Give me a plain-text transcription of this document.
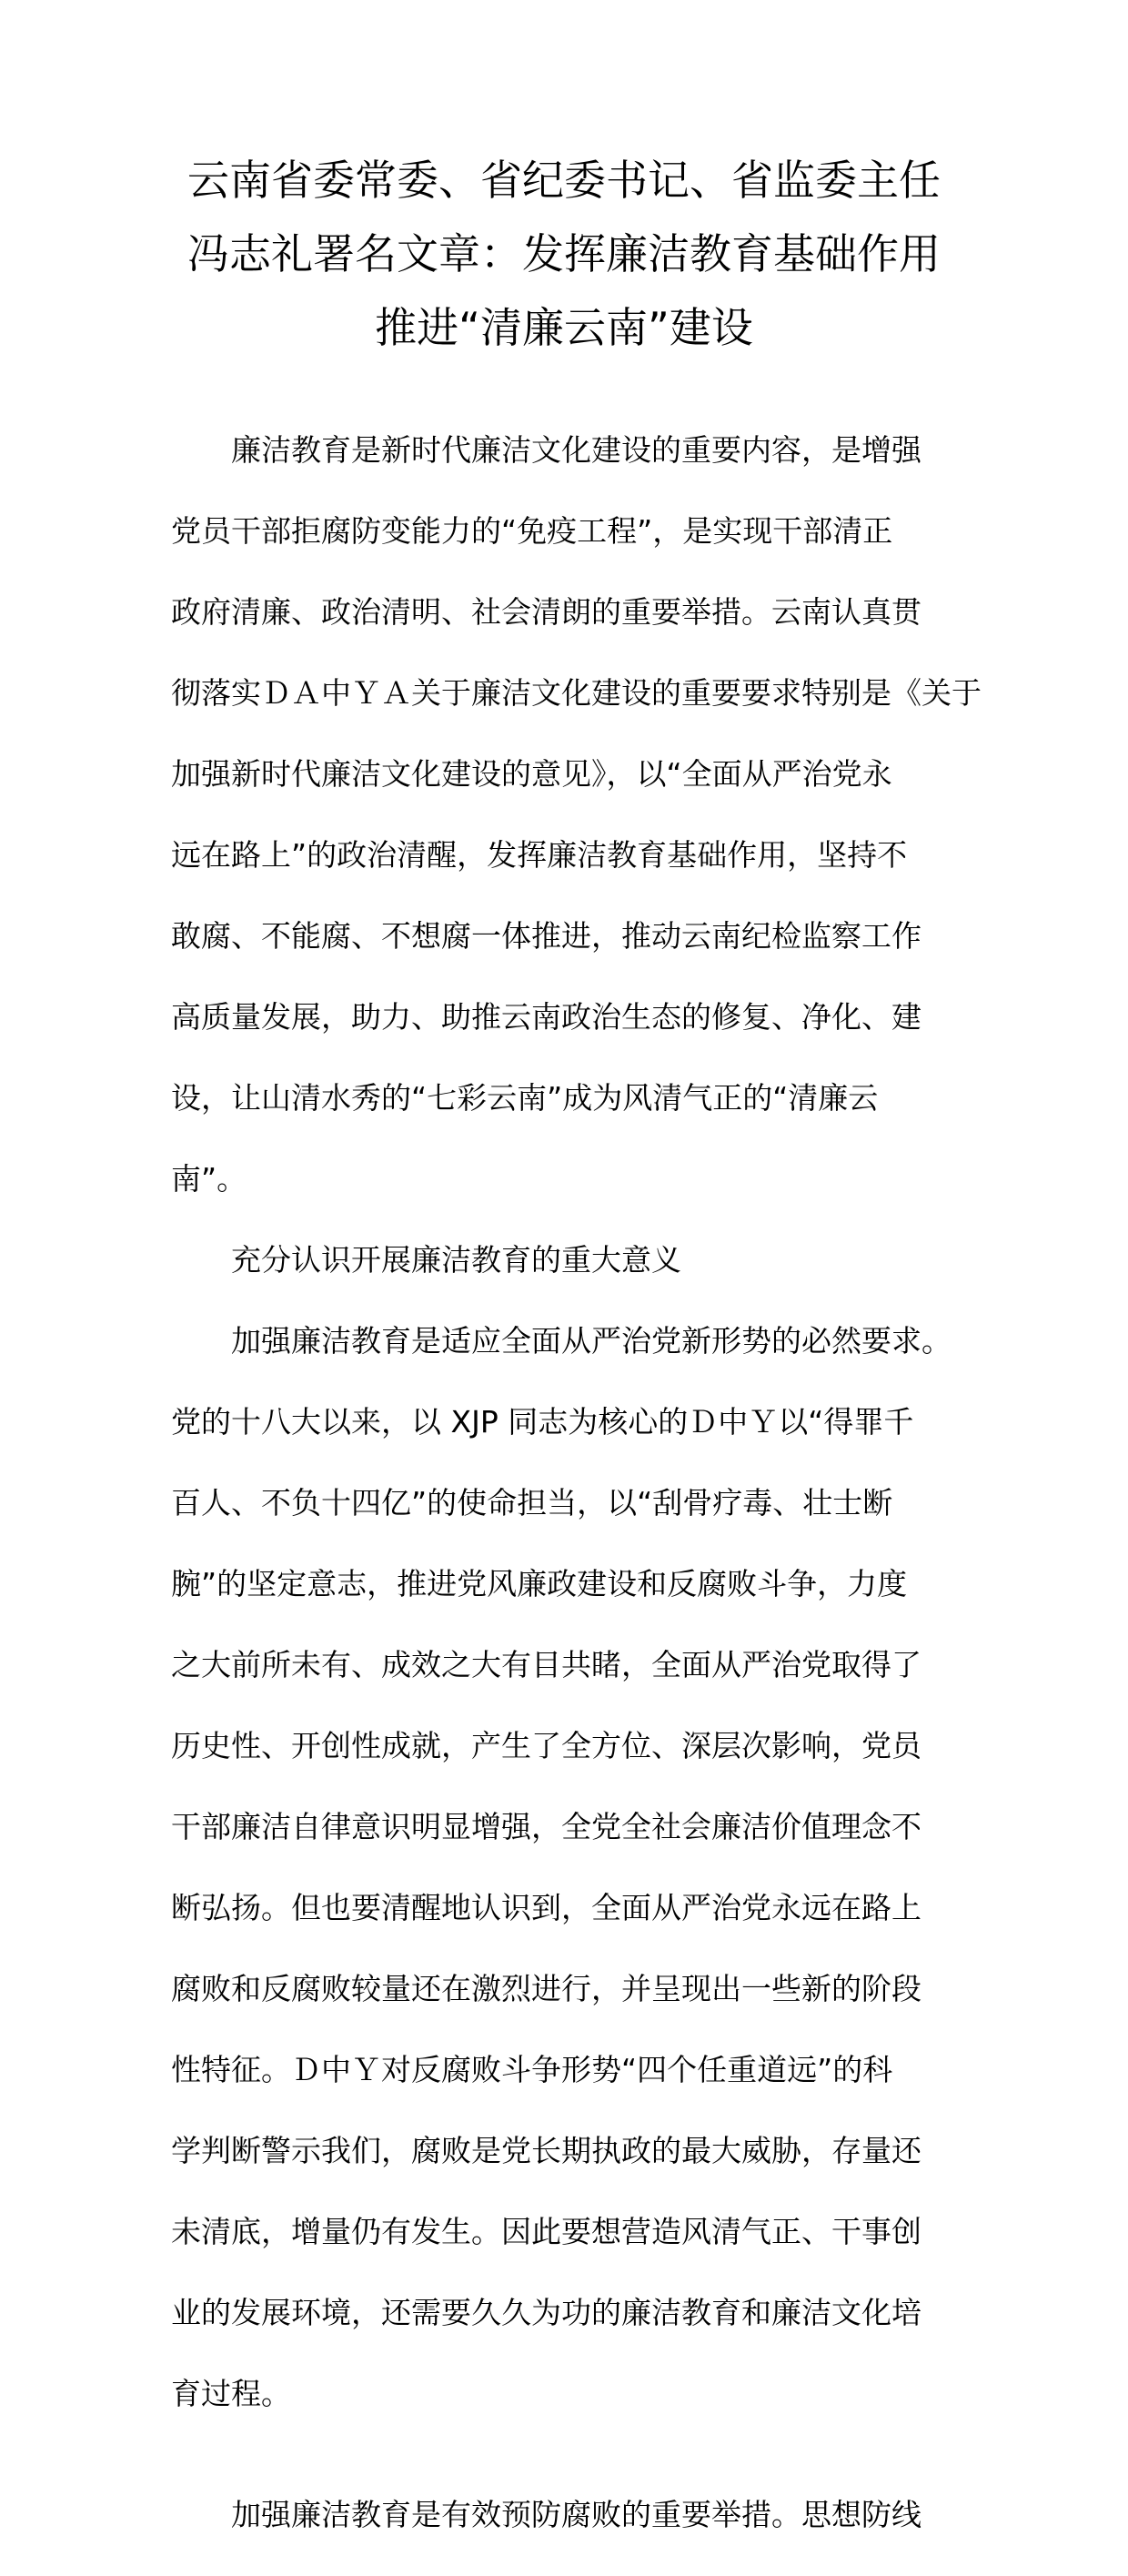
云南省委常委、省纪委书记、省监委主任
冯志礼署名文章：发挥廉洁教育基础作用
推进“清廉云南”建设

廉洁教育是新时代廉洁文化建设的重要内容，是增强

党员干部拒腐防变能力的“免疫工程”，是实现干部清正

政府清廉、政治清明、社会清朗的重要举措。云南认真贯

彻落实ＤＡ中ＹＡ关于廉洁文化建设的重要要求特别是《关于

加强新时代廉洁文化建设的意见》，以“全面从严治党永

远在路上”的政治清醒，发挥廉洁教育基础作用，坚持不

敢腐、不能腐、不想腐一体推进，推动云南纪检监察工作

高质量发展，助力、助推云南政治生态的修复、净化、建

设，让山清水秀的“七彩云南”成为风清气正的“清廉云

南”。

充分认识开展廉洁教育的重大意义

加强廉洁教育是适应全面从严治党新形势的必然要求。

党的十八大以来，以 XJP 同志为核心的Ｄ中Ｙ以“得罪千

百人、不负十四亿”的使命担当，以“刮骨疗毒、壮士断

腕”的坚定意志，推进党风廉政建设和反腐败斗争，力度

之大前所未有、成效之大有目共睹，全面从严治党取得了

历史性、开创性成就，产生了全方位、深层次影响，党员

干部廉洁自律意识明显增强，全党全社会廉洁价值理念不

断弘扬。但也要清醒地认识到，全面从严治党永远在路上

腐败和反腐败较量还在激烈进行，并呈现出一些新的阶段

性特征。Ｄ中Ｙ对反腐败斗争形势“四个任重道远”的科

学判断警示我们，腐败是党长期执政的最大威胁，存量还

未清底，增量仍有发生。因此要想营造风清气正、干事创

业的发展环境，还需要久久为功的廉洁教育和廉洁文化培

育过程。

加强廉洁教育是有效预防腐败的重要举措。思想防线
